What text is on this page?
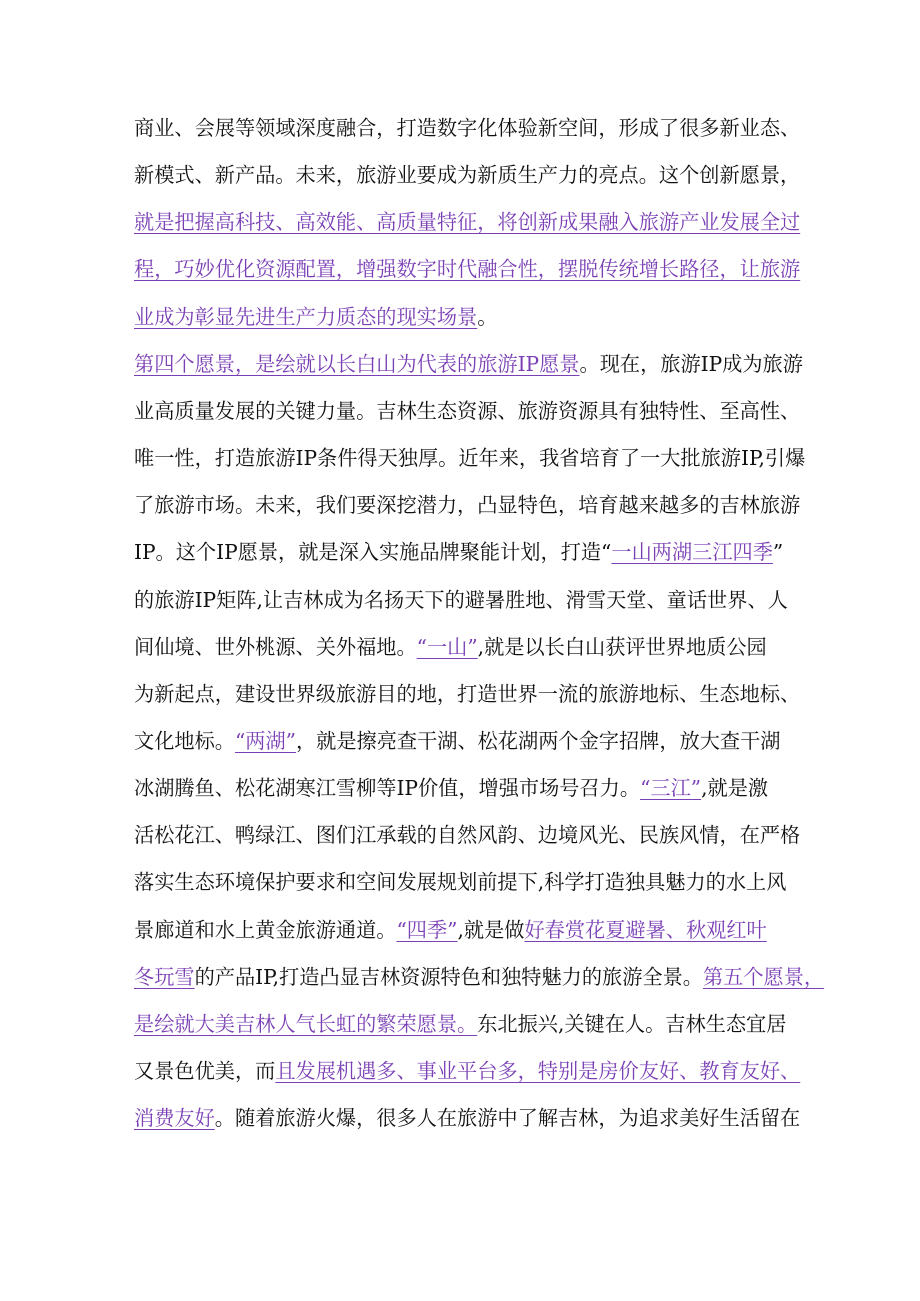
商业、会展等领域深度融合，打造数字化体验新空间，形成了很多新业态、
新模式、新产品。未来，旅游业要成为新质生产力的亮点。这个创新愿景，
就是把握高科技、高效能、高质量特征，将创新成果融入旅游产业发展全过
程，巧妙优化资源配置，增强数字时代融合性，摆脱传统增长路径，让旅游
业成为彰显先进生产力质态的现实场景。
第四个愿景，是绘就以长白山为代表的旅游IP愿景。现在，旅游IP成为旅游
业高质量发展的关键力量。吉林生态资源、旅游资源具有独特性、至高性、
唯一性，打造旅游IP条件得天独厚。近年来，我省培育了一大批旅游IP,引爆
了旅游市场。未来，我们要深挖潜力，凸显特色，培育越来越多的吉林旅游
IP。这个IP愿景，就是深入实施品牌聚能计划，打造“一山两湖三江四季”
的旅游IP矩阵,让吉林成为名扬天下的避暑胜地、滑雪天堂、童话世界、人
间仙境、世外桃源、关外福地。“一山”,就是以长白山获评世界地质公园
为新起点，建设世界级旅游目的地，打造世界一流的旅游地标、生态地标、
文化地标。“两湖”，就是擦亮查干湖、松花湖两个金字招牌，放大查干湖
冰湖腾鱼、松花湖寒江雪柳等IP价值，增强市场号召力。“三江”,就是激
活松花江、鸭绿江、图们江承载的自然风韵、边境风光、民族风情，在严格
落实生态环境保护要求和空间发展规划前提下,科学打造独具魅力的水上风
景廊道和水上黄金旅游通道。“四季”,就是做好春赏花夏避暑、秋观红叶
冬玩雪的产品IP,打造凸显吉林资源特色和独特魅力的旅游全景。第五个愿景，
是绘就大美吉林人气长虹的繁荣愿景。东北振兴,关键在人。吉林生态宜居
又景色优美，而且发展机遇多、事业平台多，特别是房价友好、教育友好、
消费友好。随着旅游火爆，很多人在旅游中了解吉林，为追求美好生活留在
